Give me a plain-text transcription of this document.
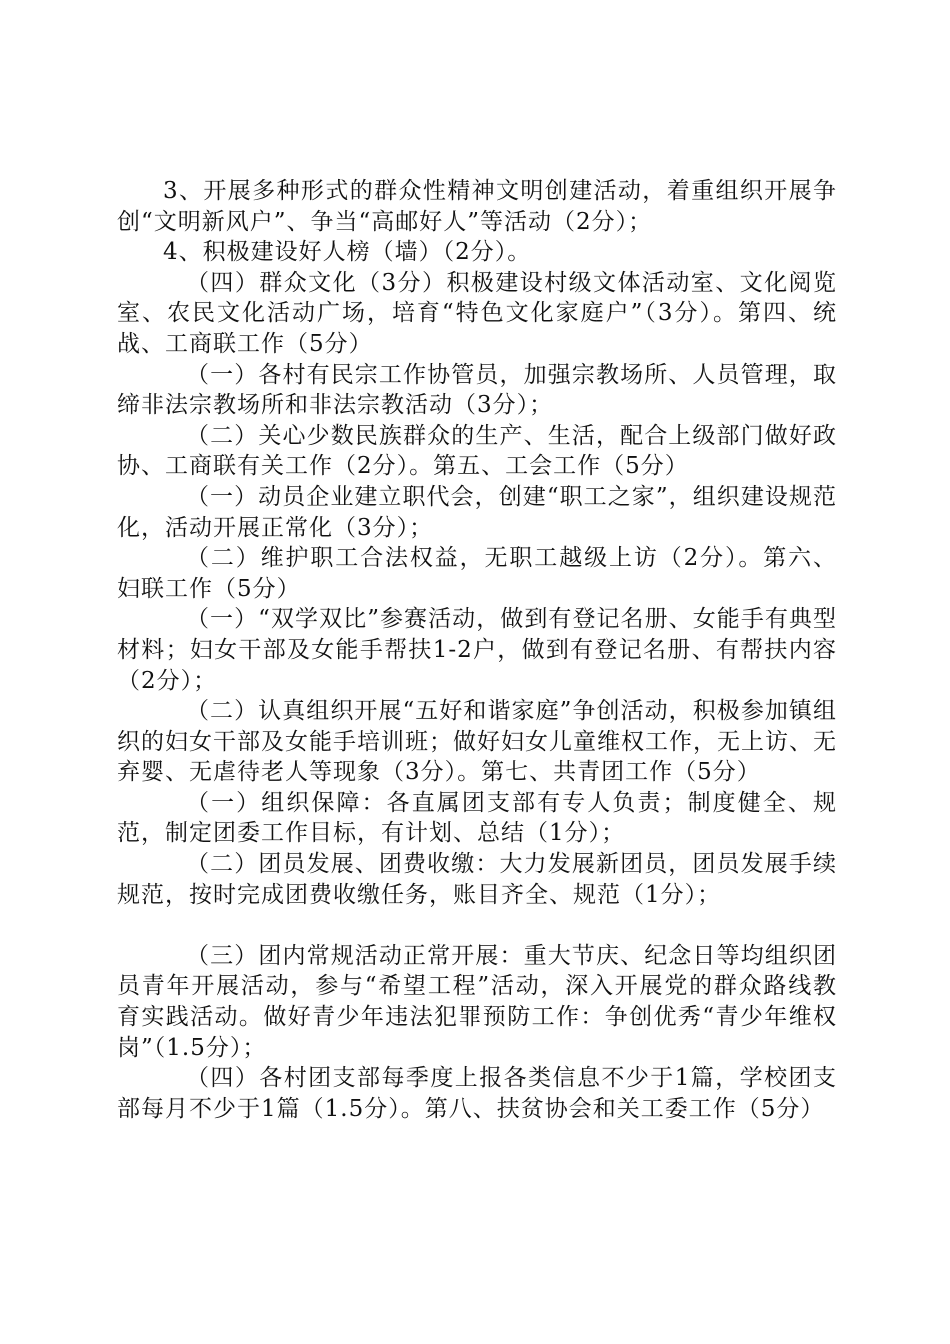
3、开展多种形式的群众性精神文明创建活动，着重组织开展争创“文明新风户”、争当“高邮好人”等活动（2分）；

4、积极建设好人榜（墙）（2分）。

（四）群众文化（3分）积极建设村级文体活动室、文化阅览室、农民文化活动广场，培育“特色文化家庭户”（3分）。第四、统战、工商联工作（5分）

（一）各村有民宗工作协管员，加强宗教场所、人员管理，取缔非法宗教场所和非法宗教活动（3分）；

（二）关心少数民族群众的生产、生活，配合上级部门做好政协、工商联有关工作（2分）。第五、工会工作（5分）

（一）动员企业建立职代会，创建“职工之家”，组织建设规范化，活动开展正常化（3分）；

（二）维护职工合法权益，无职工越级上访（2分）。第六、妇联工作（5分）

（一）“双学双比”参赛活动，做到有登记名册、女能手有典型材料；妇女干部及女能手帮扶1-2户，做到有登记名册、有帮扶内容（2分）；

（二）认真组织开展“五好和谐家庭”争创活动，积极参加镇组织的妇女干部及女能手培训班；做好妇女儿童维权工作，无上访、无弃婴、无虐待老人等现象（3分）。第七、共青团工作（5分）

（一）组织保障：各直属团支部有专人负责；制度健全、规范，制定团委工作目标，有计划、总结（1分）；

（二）团员发展、团费收缴：大力发展新团员，团员发展手续规范，按时完成团费收缴任务，账目齐全、规范（1分）；

（三）团内常规活动正常开展：重大节庆、纪念日等均组织团员青年开展活动，参与“希望工程”活动，深入开展党的群众路线教育实践活动。做好青少年违法犯罪预防工作：争创优秀“青少年维权岗”（1.5分）；

（四）各村团支部每季度上报各类信息不少于1篇，学校团支部每月不少于1篇（1.5分）。第八、扶贫协会和关工委工作（5分）
